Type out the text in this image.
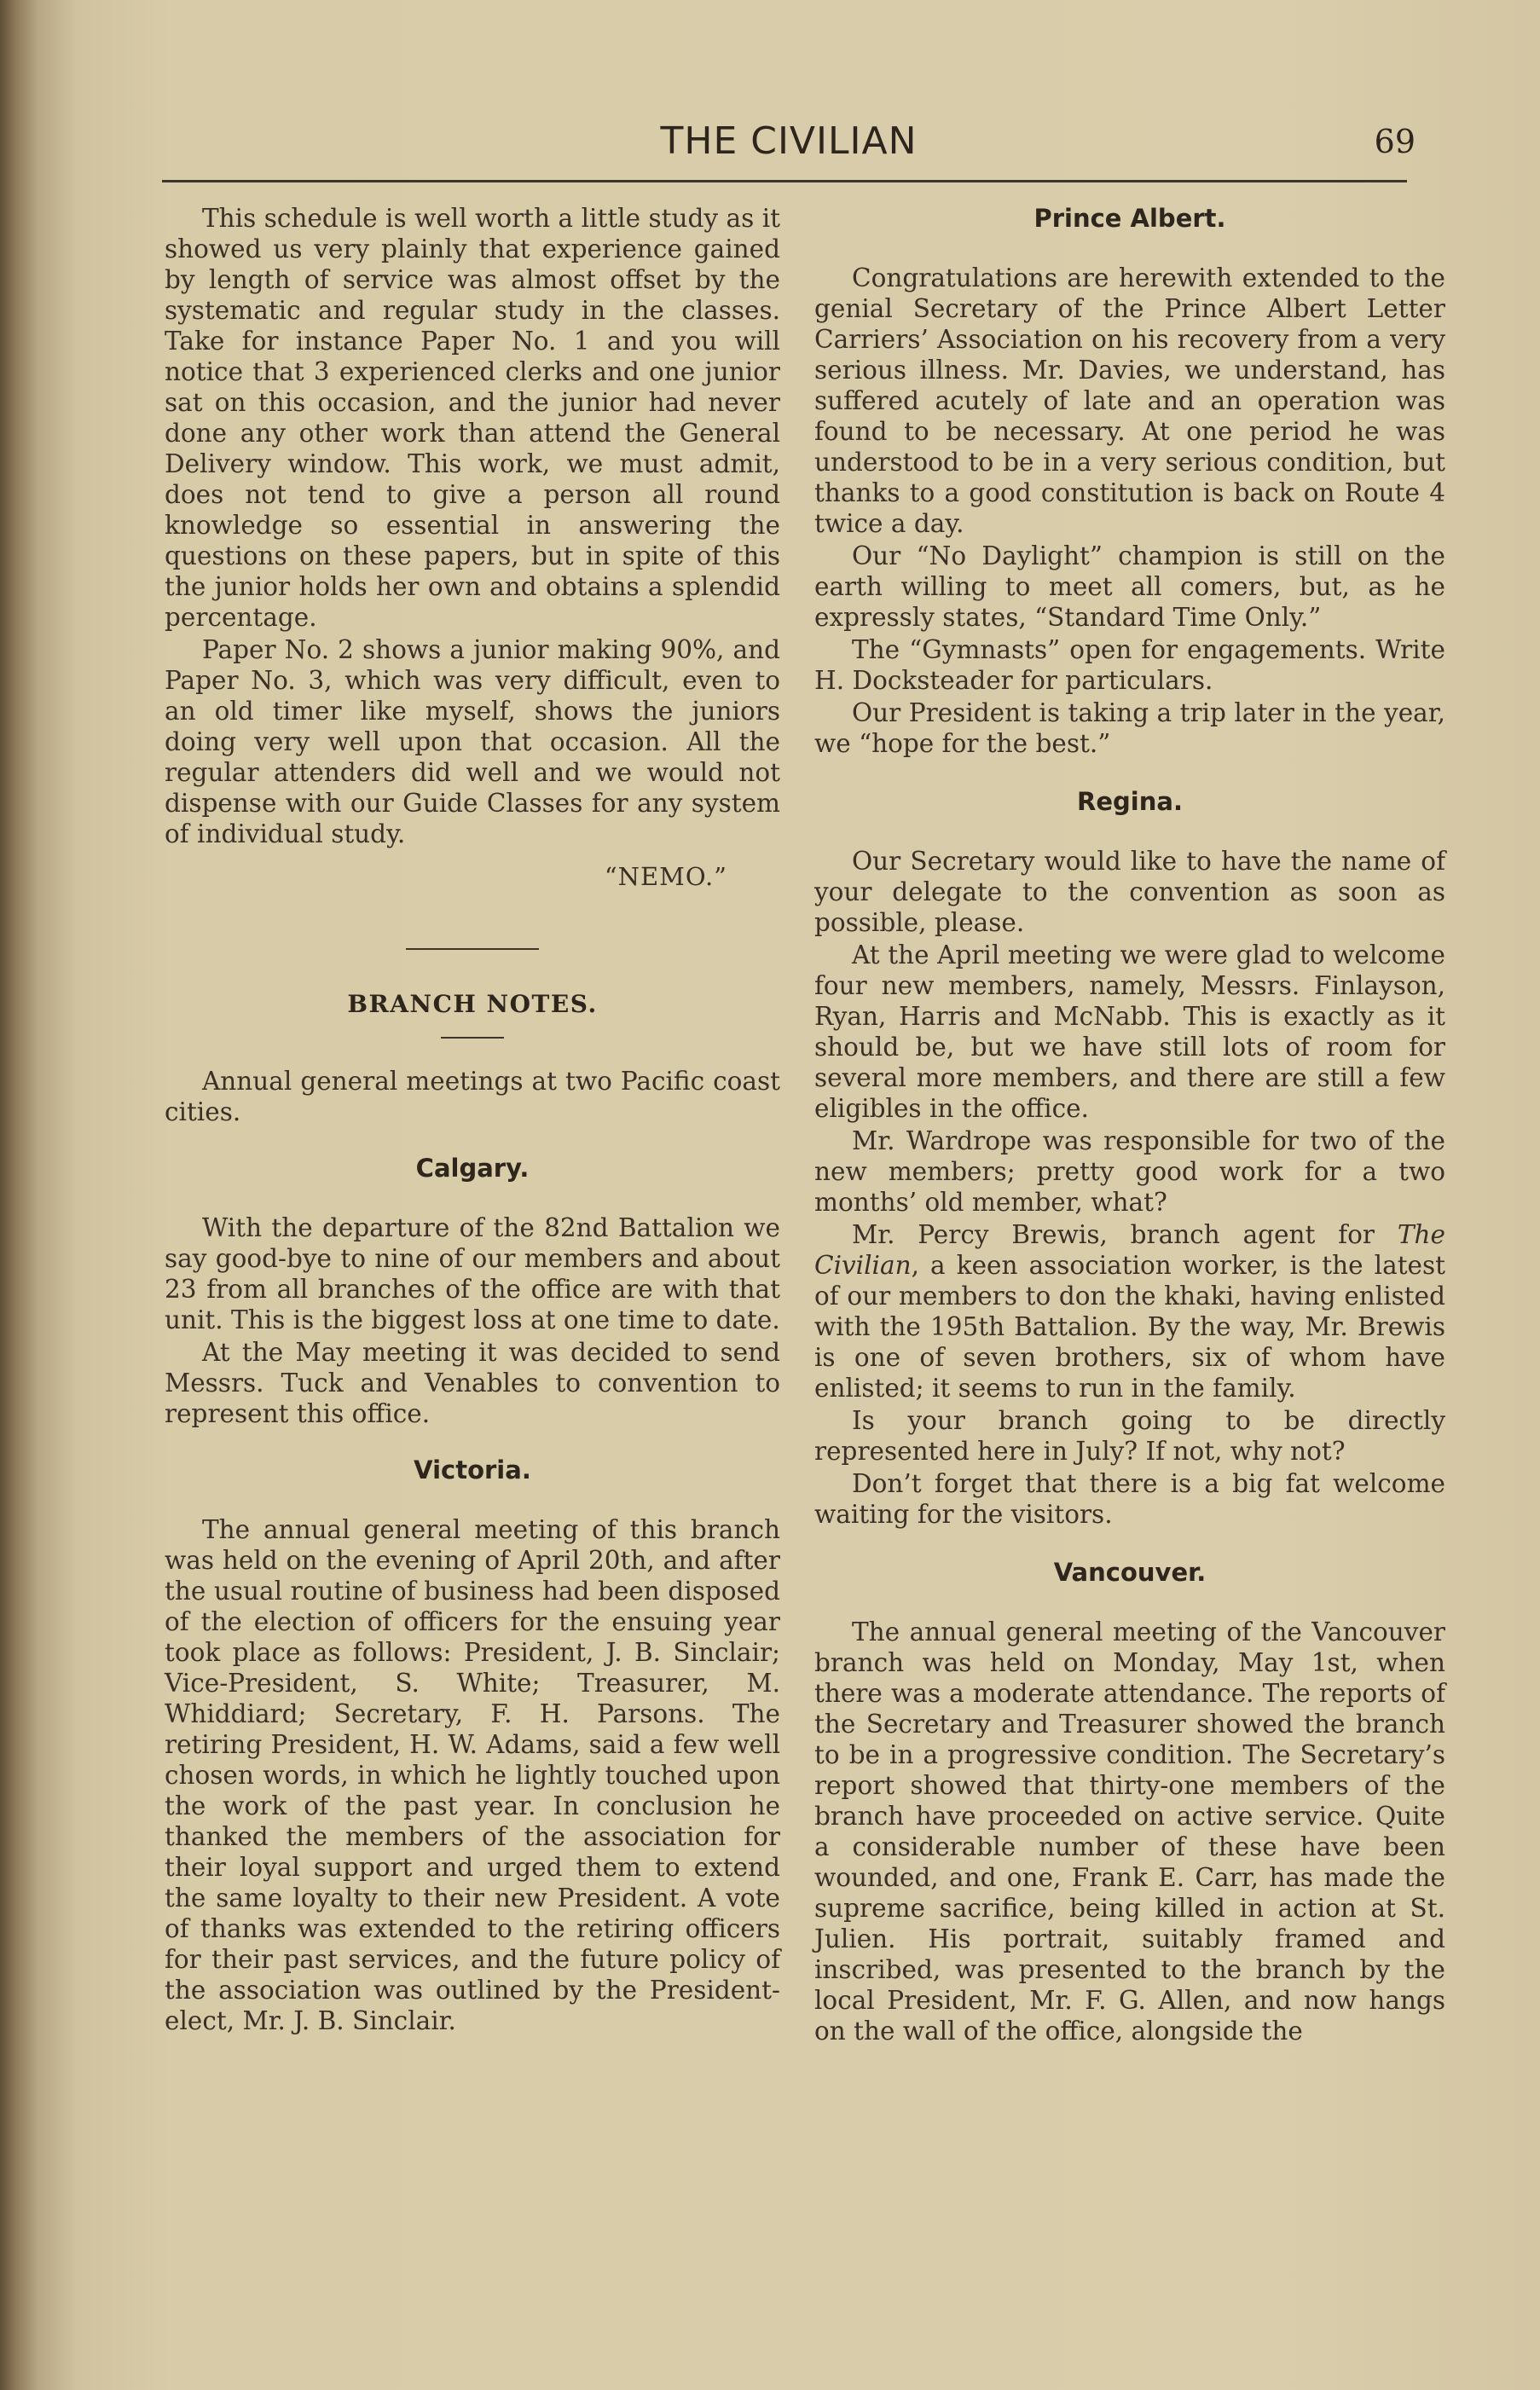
THE CIVILIAN	69

This schedule is well worth a little study as it showed us very plainly that experience gained by length of service was almost offset by the systematic and regular study in the classes. Take for instance Paper No. 1 and you will notice that 3 experienced clerks and one junior sat on this occasion, and the junior had never done any other work than attend the General Delivery window. This work, we must admit, does not tend to give a person all round knowledge so essential in answering the questions on these papers, but in spite of this the junior holds her own and obtains a splendid percentage.

Paper No. 2 shows a junior making 90%, and Paper No. 3, which was very difficult, even to an old timer like myself, shows the juniors doing very well upon that occasion. All the regular attenders did well and we would not dispense with our Guide Classes for any system of individual study.

“NEMO.”
BRANCH NOTES.

Annual general meetings at two Pacific coast cities.

Calgary.

With the departure of the 82nd Battalion we say good-bye to nine of our members and about 23 from all branches of the office are with that unit. This is the biggest loss at one time to date.

At the May meeting it was decided to send Messrs. Tuck and Venables to convention to represent this office.

Victoria.

The annual general meeting of this branch was held on the evening of April 20th, and after the usual routine of business had been disposed of the election of officers for the ensuing year took place as follows: President, J. B. Sinclair; Vice-President, S. White; Treasurer, M. Whiddiard; Secretary, F. H. Parsons. The retiring President, H. W. Adams, said a few well chosen words, in which he lightly touched upon the work of the past year. In conclusion he thanked the members of the association for their loyal support and urged them to extend the same loyalty to their new President. A vote of thanks was extended to the retiring officers for their past services, and the future policy of the association was outlined by the President-elect, Mr. J. B. Sinclair.

Prince Albert.

Congratulations are herewith extended to the genial Secretary of the Prince Albert Letter Carriers’ Association on his recovery from a very serious illness. Mr. Davies, we understand, has suffered acutely of late and an operation was found to be necessary. At one period he was understood to be in a very serious condition, but thanks to a good constitution is back on Route 4 twice a day.

Our “No Daylight” champion is still on the earth willing to meet all comers, but, as he expressly states, “Standard Time Only.”

The “Gymnasts” open for engagements. Write H. Docksteader for particulars.

Our President is taking a trip later in the year, we “hope for the best.”

Regina.

Our Secretary would like to have the name of your delegate to the convention as soon as possible, please.

At the April meeting we were glad to welcome four new members, namely, Messrs. Finlayson, Ryan, Harris and McNabb. This is exactly as it should be, but we have still lots of room for several more members, and there are still a few eligibles in the office.

Mr. Wardrope was responsible for two of the new members; pretty good work for a two months’ old member, what?

Mr. Percy Brewis, branch agent for The Civilian, a keen association worker, is the latest of our members to don the khaki, having enlisted with the 195th Battalion. By the way, Mr. Brewis is one of seven brothers, six of whom have enlisted; it seems to run in the family.

Is your branch going to be directly represented here in July? If not, why not?

Don’t forget that there is a big fat welcome waiting for the visitors.

Vancouver.

The annual general meeting of the Vancouver branch was held on Monday, May 1st, when there was a moderate attendance. The reports of the Secretary and Treasurer showed the branch to be in a progressive condition. The Secretary’s report showed that thirty-one members of the branch have proceeded on active service. Quite a considerable number of these have been wounded, and one, Frank E. Carr, has made the supreme sacrifice, being killed in action at St. Julien. His portrait, suitably framed and inscribed, was presented to the branch by the local President, Mr. F. G. Allen, and now hangs on the wall of the office, alongside the
